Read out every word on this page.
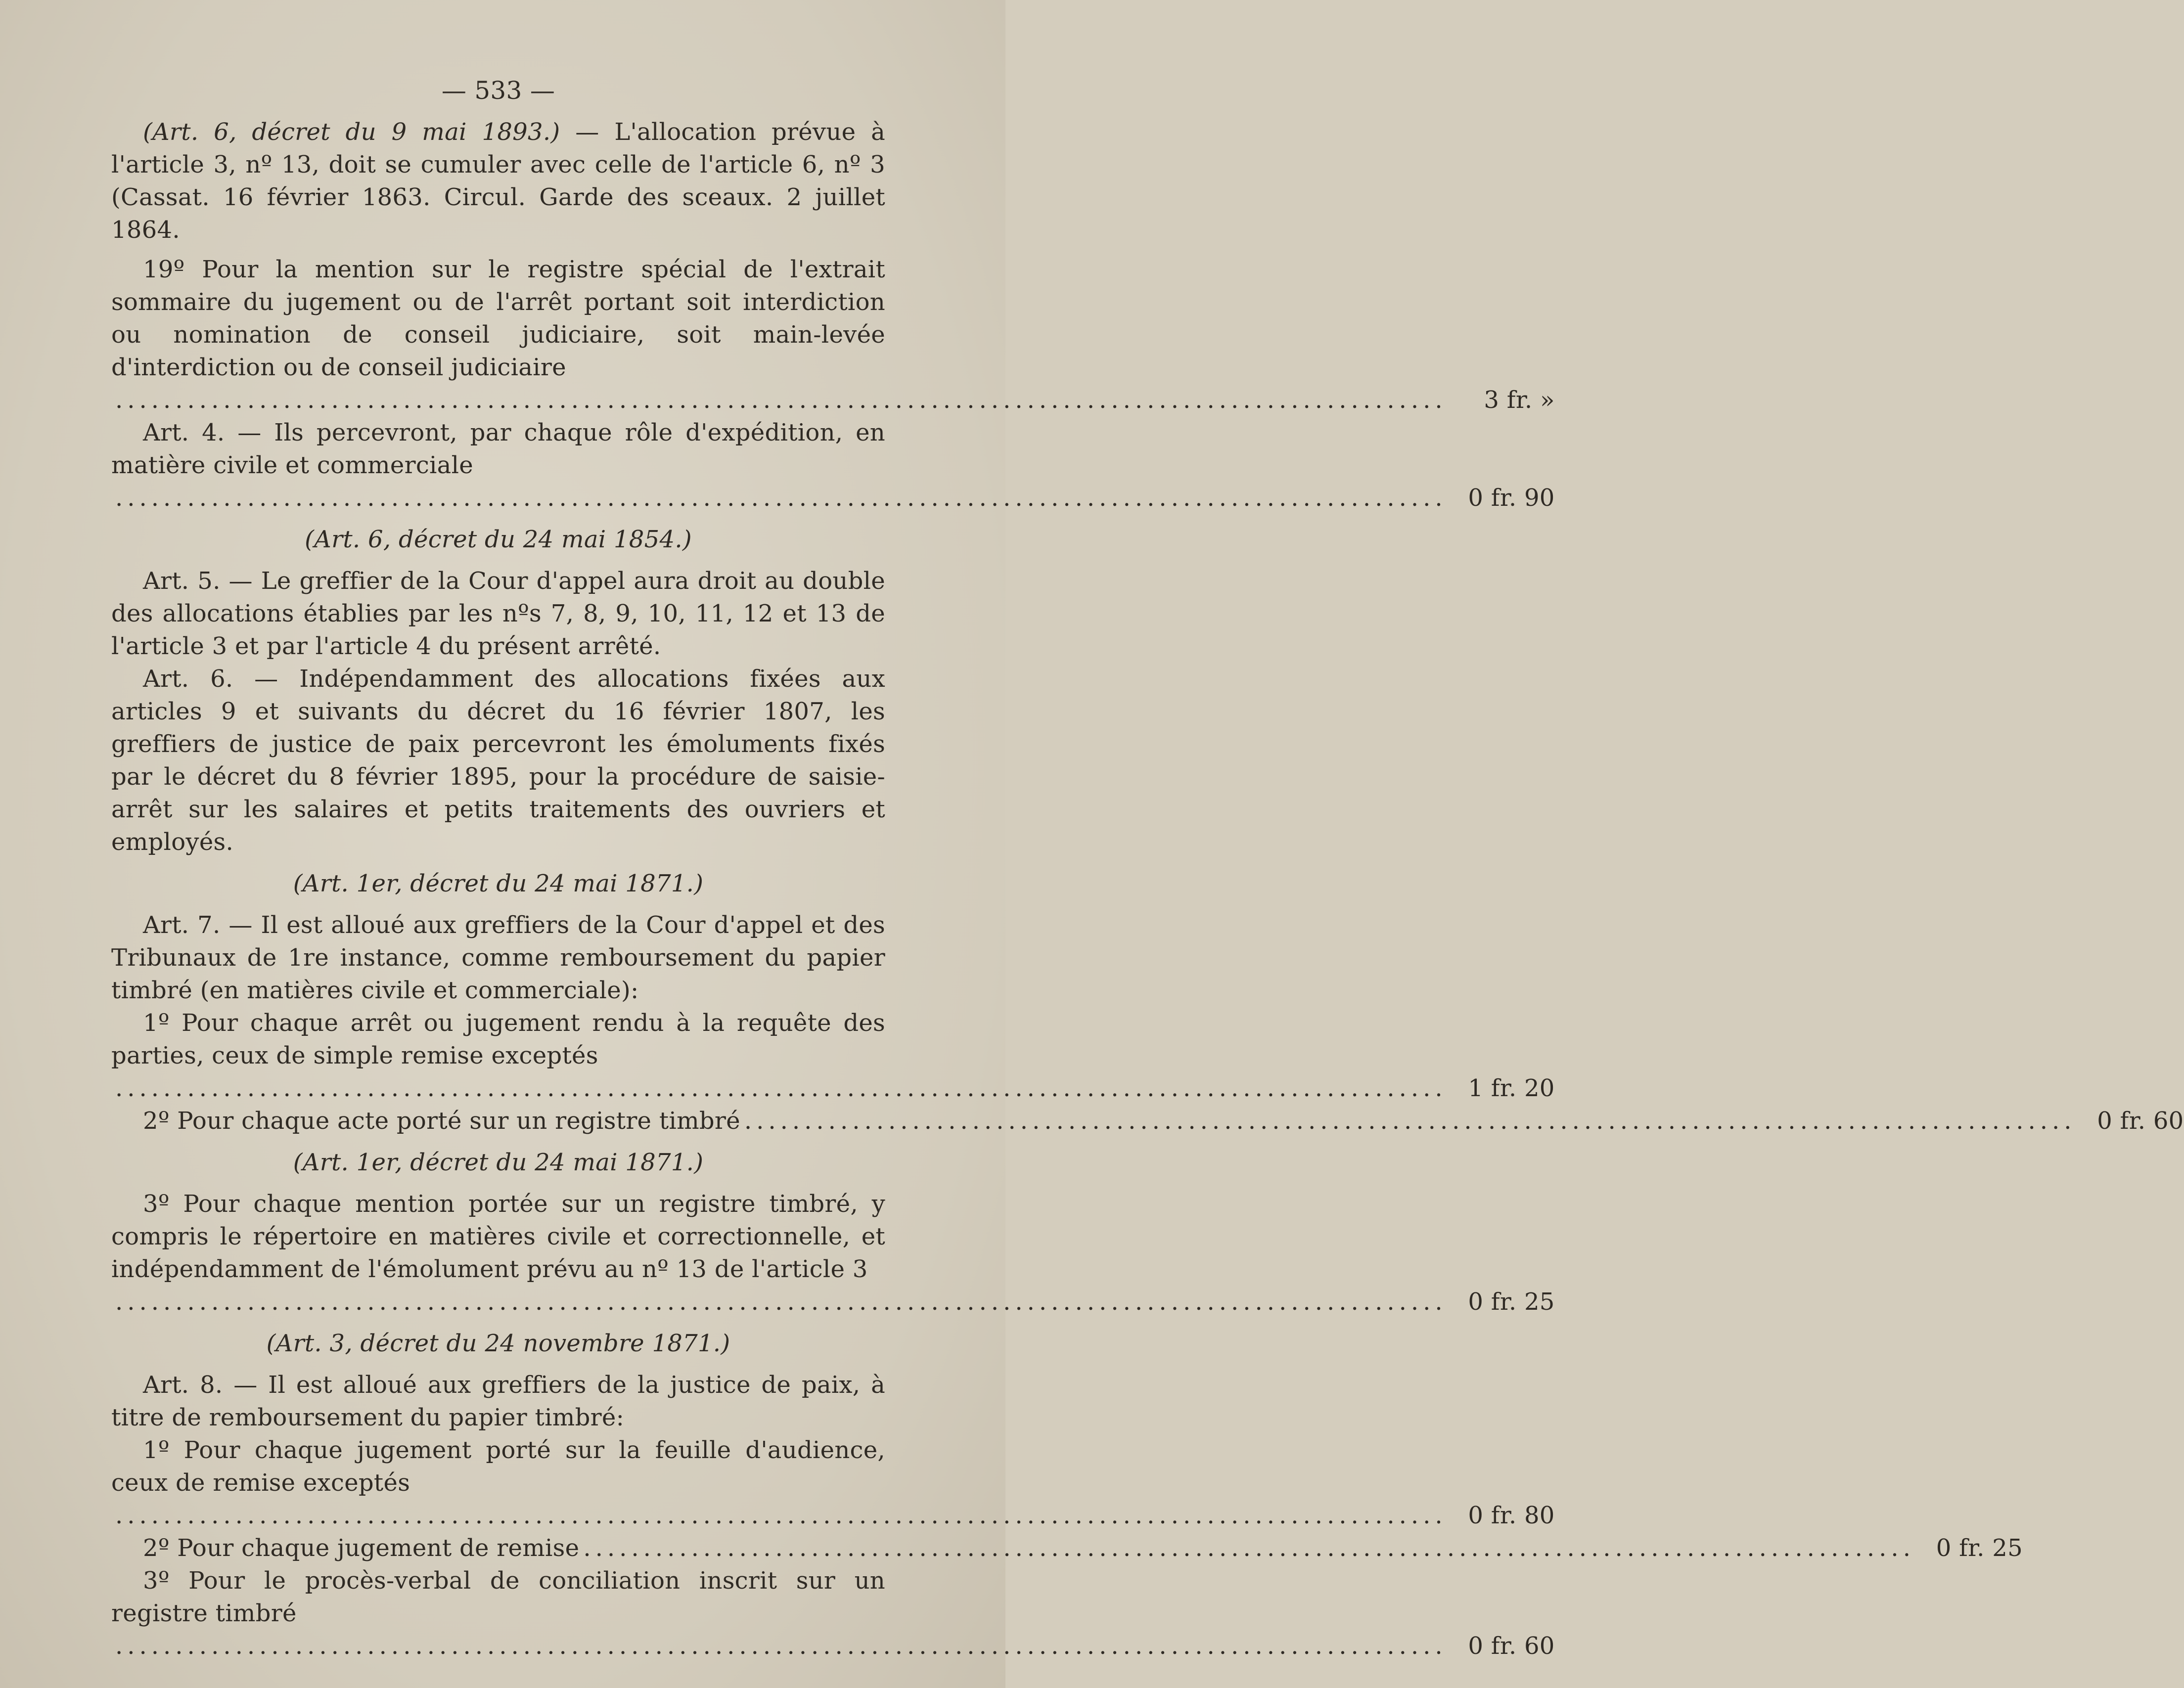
— 533 —

(Art. 6, décret du 9 mai 1893.) — L'allocation prévue à l'article 3, nº 13, doit se cumuler avec celle de l'article 6, nº 3 (Cassat. 16 février 1863. Circul. Garde des sceaux. 2 juillet 1864.

19º Pour la mention sur le registre spécial de l'extrait sommaire du jugement ou de l'arrêt portant soit interdiction ou nomination de conseil judiciaire, soit main-levée d'interdiction ou de conseil judiciaire

...............................................................................................................	3 fr. »

Art. 4. — Ils percevront, par chaque rôle d'expédition, en matière civile et commerciale

............................................................................................................... 0 fr. 90

(Art. 6, décret du 24 mai 1854.)

Art. 5. — Le greffier de la Cour d'appel aura droit au double des allocations établies par les nºs 7, 8, 9, 10, 11, 12 et 13 de l'article 3 et par l'article 4 du présent arrêté.

Art. 6. — Indépendamment des allocations fixées aux articles 9 et suivants du décret du 16 février 1807, les greffiers de justice de paix percevront les émoluments fixés par le décret du 8 février 1895, pour la procédure de saisie-arrêt sur les salaires et petits traitements des ouvriers et employés.

(Art. 1er, décret du 24 mai 1871.)

Art. 7. — Il est alloué aux greffiers de la Cour d'appel et des Tribunaux de 1re instance, comme remboursement du papier timbré (en matières civile et commerciale):

1º Pour chaque arrêt ou jugement rendu à la requête des parties, ceux de simple remise exceptés

............................................................................................................... 1 fr. 20
2º Pour chaque acte porté sur un registre timbré ............................................................................................................... 0 fr. 60

(Art. 1er, décret du 24 mai 1871.)

3º Pour chaque mention portée sur un registre timbré, y compris le répertoire en matières civile et correctionnelle, et indépendamment de l'émolument prévu au nº 13 de l'article 3

............................................................................................................... 0 fr. 25

(Art. 3, décret du 24 novembre 1871.)

Art. 8. — Il est alloué aux greffiers de la justice de paix, à titre de remboursement du papier timbré:

1º Pour chaque jugement porté sur la feuille d'audience, ceux de remise exceptés

............................................................................................................... 0 fr. 80
2º Pour chaque jugement de remise ............................................................................................................... 0 fr. 25

3º Pour le procès-verbal de conciliation inscrit sur un registre timbré

............................................................................................................... 0 fr. 60
